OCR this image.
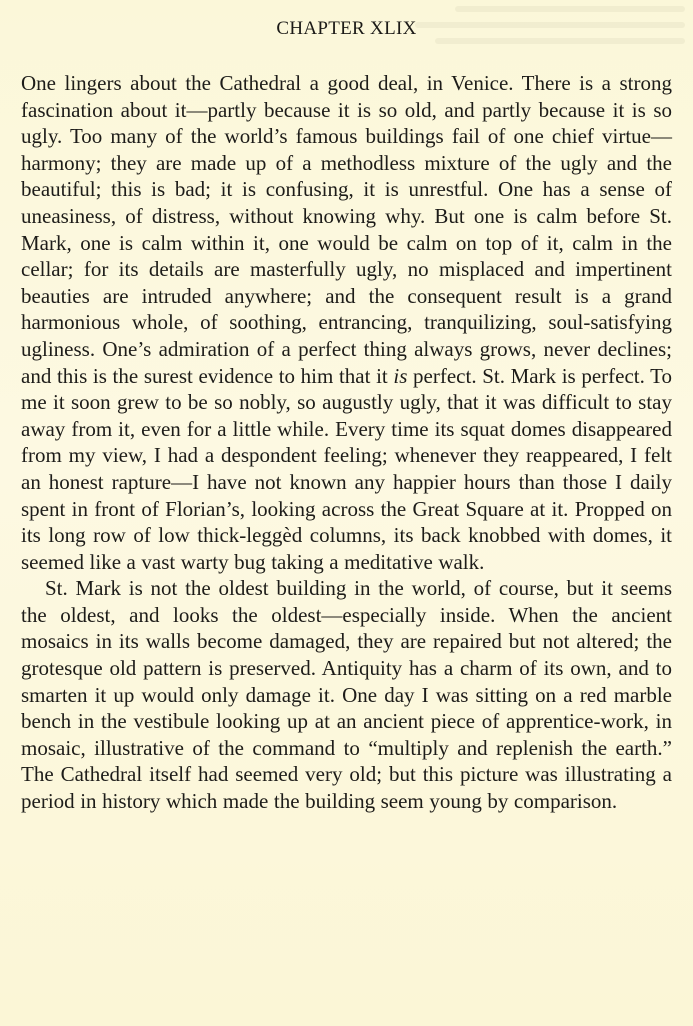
CHAPTER XLIX

One lingers about the Cathedral a good deal, in Venice. There is a strong fascination about it—partly because it is so old, and partly because it is so ugly. Too many of the world’s famous buildings fail of one chief virtue—harmony; they are made up of a methodless mixture of the ugly and the beautiful; this is bad; it is confusing, it is unrestful. One has a sense of uneasiness, of distress, without knowing why. But one is calm before St. Mark, one is calm within it, one would be calm on top of it, calm in the cellar; for its details are masterfully ugly, no misplaced and impertinent beauties are intruded anywhere; and the consequent result is a grand harmonious whole, of soothing, entrancing, tranquilizing, soul-satisfying ugliness. One’s admiration of a perfect thing always grows, never declines; and this is the surest evidence to him that it is perfect. St. Mark is perfect. To me it soon grew to be so nobly, so augustly ugly, that it was difficult to stay away from it, even for a little while. Every time its squat domes disappeared from my view, I had a despondent feeling; whenever they reappeared, I felt an honest rapture—I have not known any happier hours than those I daily spent in front of Florian’s, looking across the Great Square at it. Propped on its long row of low thick-leggèd columns, its back knobbed with domes, it seemed like a vast warty bug taking a meditative walk.

St. Mark is not the oldest building in the world, of course, but it seems the oldest, and looks the oldest—especially inside. When the ancient mosaics in its walls become damaged, they are repaired but not altered; the grotesque old pattern is preserved. Antiquity has a charm of its own, and to smarten it up would only damage it. One day I was sitting on a red marble bench in the vestibule looking up at an ancient piece of apprentice-work, in mosaic, illustrative of the command to “multiply and replenish the earth.” The Cathedral itself had seemed very old; but this picture was illustrating a period in history which made the building seem young by comparison.
